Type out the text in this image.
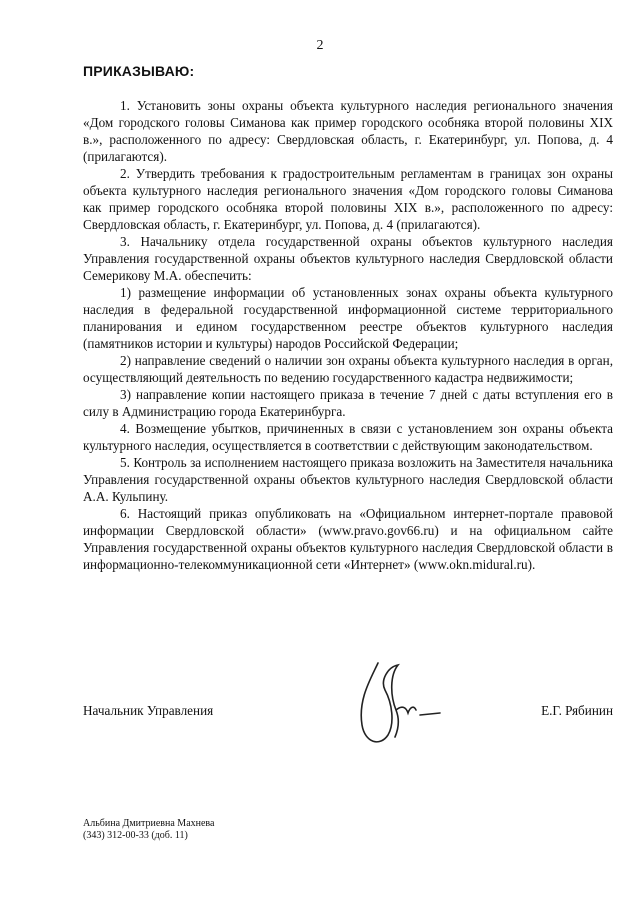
2
ПРИКАЗЫВАЮ:

1. Установить зоны охраны объекта культурного наследия регионального значения «Дом городского головы Симанова как пример городского особняка второй половины XIX в.», расположенного по адресу: Свердловская область, г. Екатеринбург, ул. Попова, д. 4 (прилагаются).

2. Утвердить требования к градостроительным регламентам в границах зон охраны объекта культурного наследия регионального значения «Дом городского головы Симанова как пример городского особняка второй половины XIX в.», расположенного по адресу: Свердловская область, г. Екатеринбург, ул. Попова, д. 4 (прилагаются).

3. Начальнику отдела государственной охраны объектов культурного наследия Управления государственной охраны объектов культурного наследия Свердловской области Семерикову М.А. обеспечить:

1) размещение информации об установленных зонах охраны объекта культурного наследия в федеральной государственной информационной системе территориального планирования и едином государственном реестре объектов культурного наследия (памятников истории и культуры) народов Российской Федерации;

2) направление сведений о наличии зон охраны объекта культурного наследия в орган, осуществляющий деятельность по ведению государственного кадастра недвижимости;

3) направление копии настоящего приказа в течение 7 дней с даты вступления его в силу в Администрацию города Екатеринбурга.

4. Возмещение убытков, причиненных в связи с установлением зон охраны объекта культурного наследия, осуществляется в соответствии с действующим законодательством.

5. Контроль за исполнением настоящего приказа возложить на Заместителя начальника Управления государственной охраны объектов культурного наследия Свердловской области А.А. Кульпину.

6. Настоящий приказ опубликовать на «Официальном интернет-портале правовой информации Свердловской области» (www.pravo.gov66.ru) и на официальном сайте Управления государственной охраны объектов культурного наследия Свердловской области в информационно-телекоммуникационной сети «Интернет» (www.okn.midural.ru).

Начальник Управления	Е.Г. Рябинин
Альбина Дмитриевна Махнева
(343) 312-00-33 (доб. 11)
